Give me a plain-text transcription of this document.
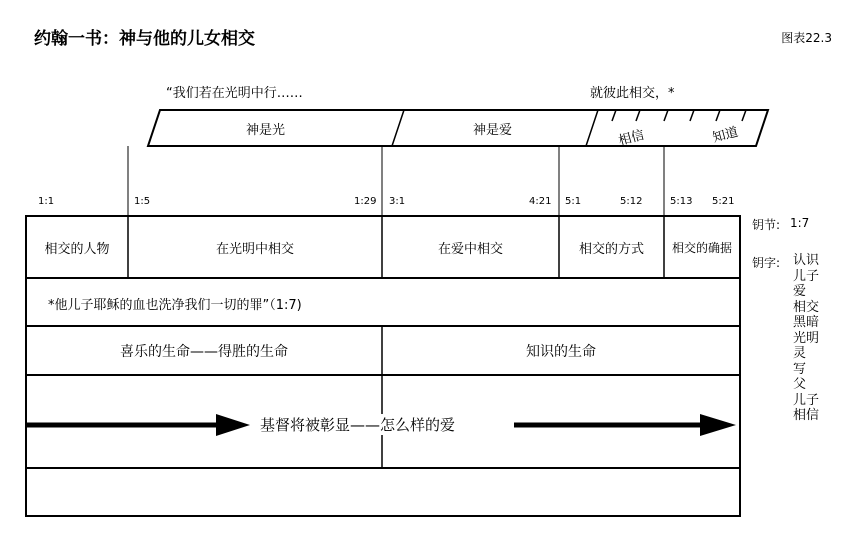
约翰一书：神与他的儿女相交	图表22.3
“我们若在光明中行……	就彼此相交，*
神是光	神是爱	相信	知道
1:1	1:5	1:29 3:1	4:21 5:1	5:12	5:13 5:21
相交的人物	在光明中相交	在爱中相交	相交的方式	相交的确据
*他儿子耶稣的血也洗净我们一切的罪”（1:7)
喜乐的生命——得胜的生命	知识的生命
基督将被彰显——怎么样的爱
钥节: 1:7
钥字: 认识
儿子
爱
相交
黑暗
光明
灵
写
父
儿子
相信
